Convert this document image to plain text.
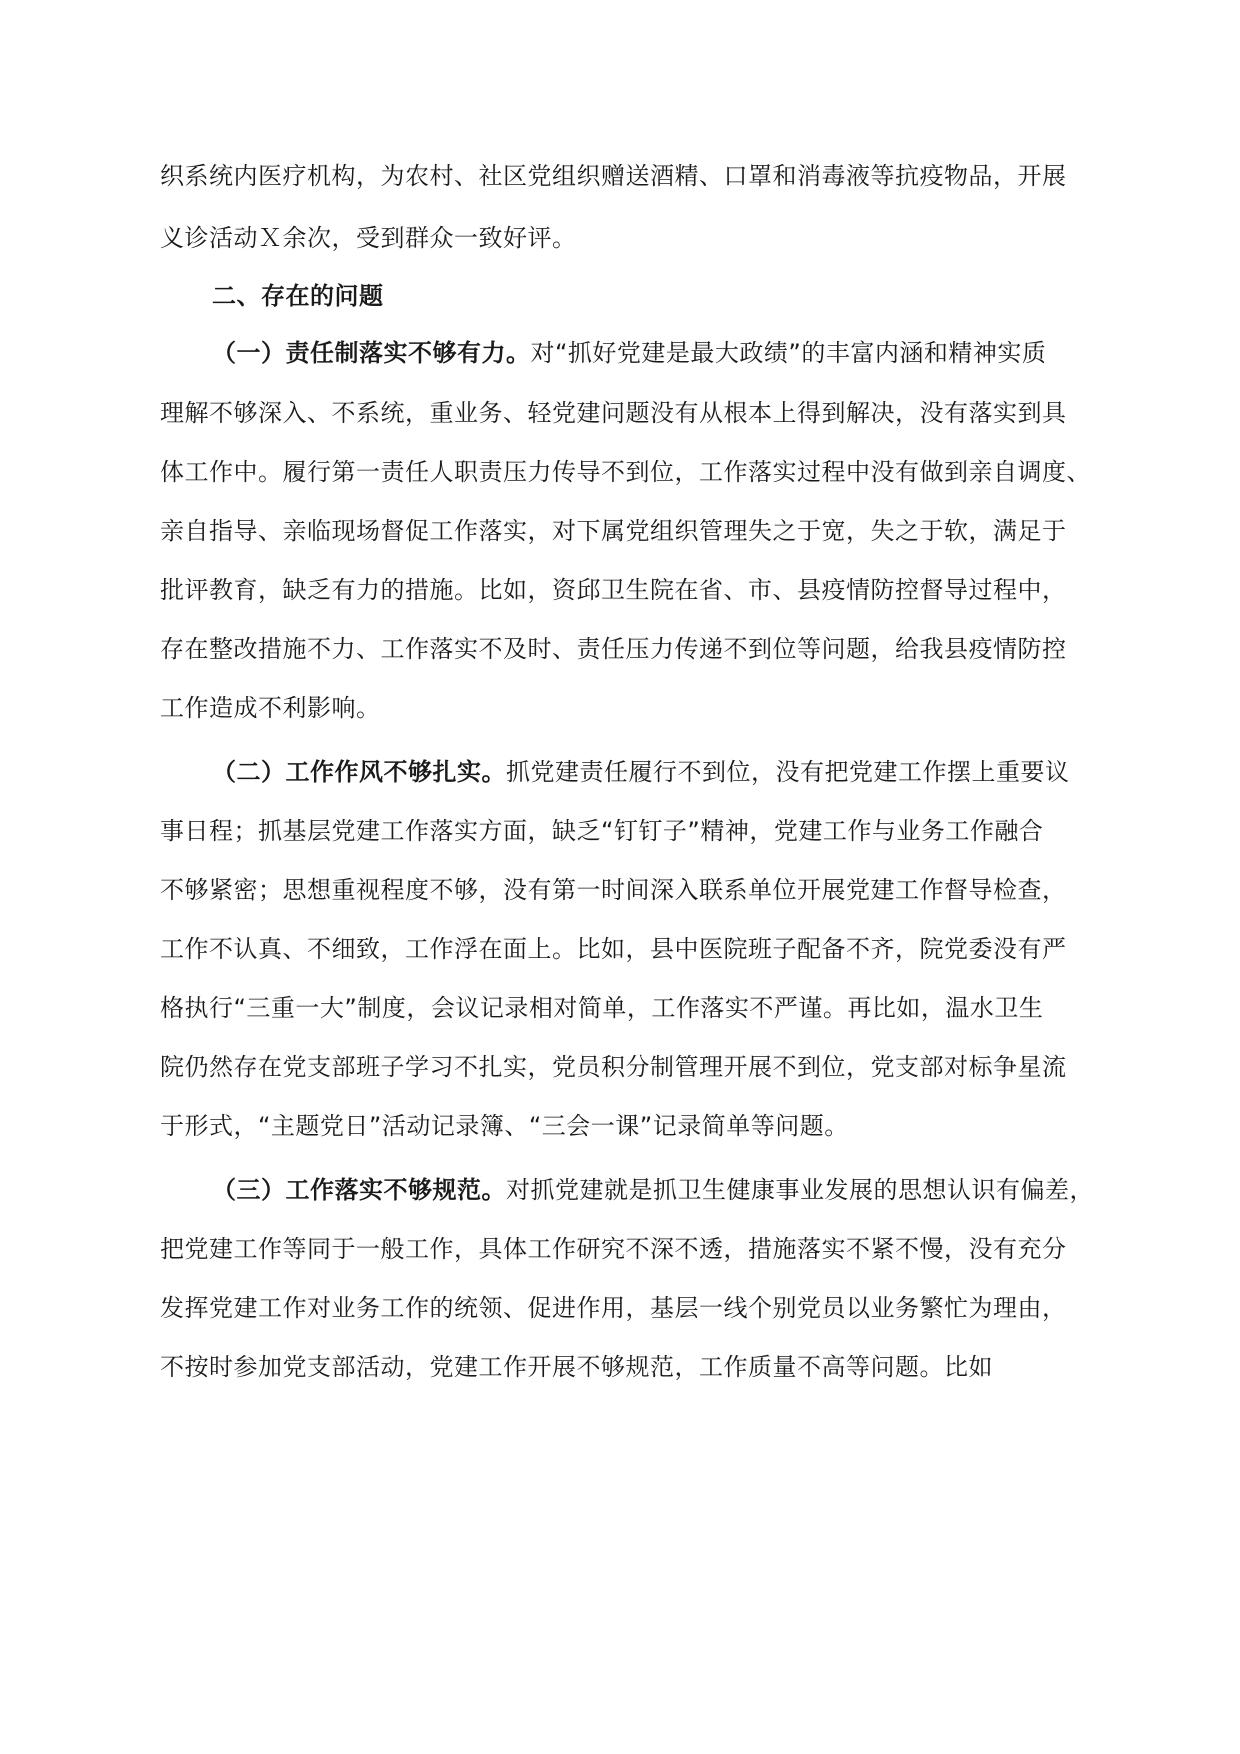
织系统内医疗机构，为农村、社区党组织赠送酒精、口罩和消毒液等抗疫物品，开展
义诊活动Ｘ余次，受到群众一致好评。
二、存在的问题
（一）责任制落实不够有力。对“抓好党建是最大政绩”的丰富内涵和精神实质
理解不够深入、不系统，重业务、轻党建问题没有从根本上得到解决，没有落实到具
体工作中。履行第一责任人职责压力传导不到位，工作落实过程中没有做到亲自调度、
亲自指导、亲临现场督促工作落实，对下属党组织管理失之于宽，失之于软，满足于
批评教育，缺乏有力的措施。比如，资邱卫生院在省、市、县疫情防控督导过程中，
存在整改措施不力、工作落实不及时、责任压力传递不到位等问题，给我县疫情防控
工作造成不利影响。
（二）工作作风不够扎实。抓党建责任履行不到位，没有把党建工作摆上重要议
事日程；抓基层党建工作落实方面，缺乏“钉钉子”精神，党建工作与业务工作融合
不够紧密；思想重视程度不够，没有第一时间深入联系单位开展党建工作督导检查，
工作不认真、不细致，工作浮在面上。比如，县中医院班子配备不齐，院党委没有严
格执行“三重一大”制度，会议记录相对简单，工作落实不严谨。再比如，温水卫生
院仍然存在党支部班子学习不扎实，党员积分制管理开展不到位，党支部对标争星流
于形式，“主题党日”活动记录簿、“三会一课”记录简单等问题。
（三）工作落实不够规范。对抓党建就是抓卫生健康事业发展的思想认识有偏差，
把党建工作等同于一般工作，具体工作研究不深不透，措施落实不紧不慢，没有充分
发挥党建工作对业务工作的统领、促进作用，基层一线个别党员以业务繁忙为理由，
不按时参加党支部活动，党建工作开展不够规范，工作质量不高等问题。比如
